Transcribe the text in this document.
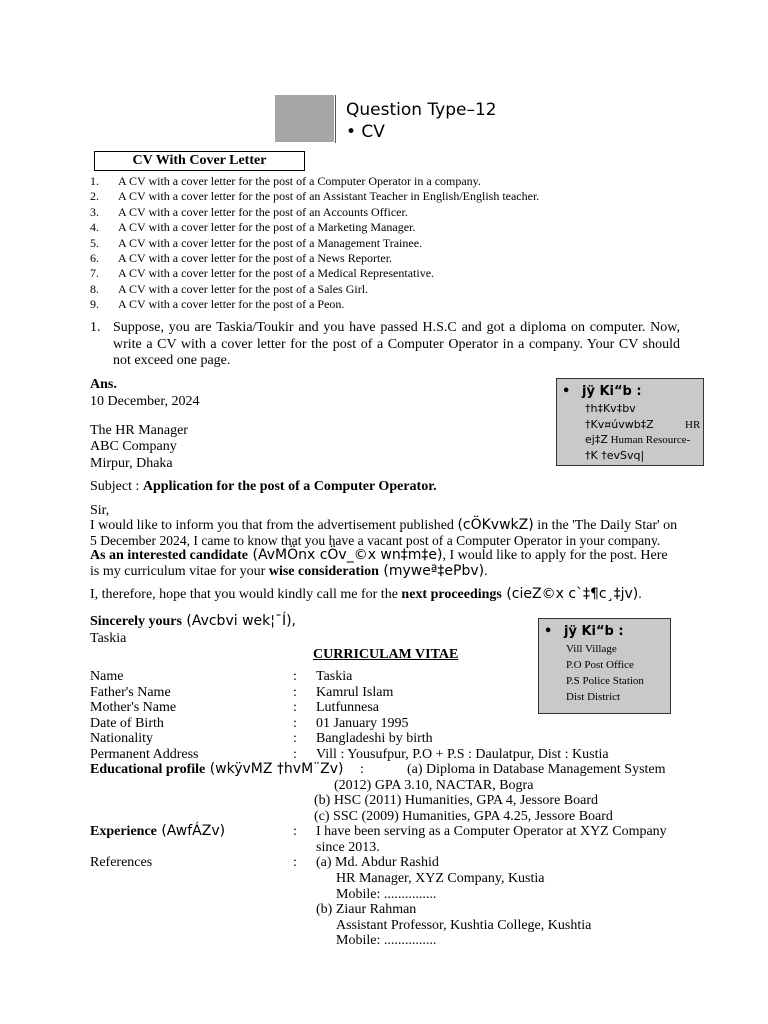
Question Type–12
• CV
CV With Cover Letter
1. A CV with a cover letter for the post of a Computer Operator in a company.
2. A CV with a cover letter for the post of an Assistant Teacher in English/English teacher.
3. A CV with a cover letter for the post of an Accounts Officer.
4. A CV with a cover letter for the post of a Marketing Manager.
5. A CV with a cover letter for the post of a Management Trainee.
6. A CV with a cover letter for the post of a News Reporter.
7. A CV with a cover letter for the post of a Medical Representative.
8. A CV with a cover letter for the post of a Sales Girl.
9. A CV with a cover letter for the post of a Peon.
1. Suppose, you are Taskia/Toukir and you have passed H.S.C and got a diploma on computer. Now, write a CV with a cover letter for the post of a Computer Operator in a company. Your CV should not exceed one page.
Ans.
10 December, 2024
The HR Manager
ABC Company
Mirpur, Dhaka
Subject : Application for the post of a Computer Operator.
Sir,
I would like to inform you that from the advertisement published (cÖKvwkZ) in the 'The Daily Star' on
5 December 2024, I came to know that you have a vacant post of a Computer Operator in your company.
As an interested candidate (AvMÖnx cÖv_©x wn‡m‡e), I would like to apply for the post. Here
is my curriculum vitae for your wise consideration (myweª‡ePbv).
I, therefore, hope that you would kindly call me for the next proceedings (cieZ©x c`‡¶c¸‡jv).
Sincerely yours (Avcbvi wek¦¯Í),
Taskia
• jÿ Ki“b :
†h‡Kv‡bv
†Kv¤úvwb‡Z	HR
ej‡Z Human Resource-
†K †evSvq|
• jÿ Ki“b :
Vill Village
P.O Post Office
P.S Police Station
Dist District
CURRICULAM VITAE
Name	: Taskia
Father's Name	: Kamrul Islam
Mother's Name	: Lutfunnesa
Date of Birth	: 01 January 1995
Nationality	: Bangladeshi by birth
Permanent Address	: Vill : Yousufpur, P.O + P.S : Daulatpur, Dist : Kustia
Educational profile (wkÿvMZ †hvM¨Zv) :	(a) Diploma in Database Management System
(2012) GPA 3.10, NACTAR, Bogra
(b) HSC (2011) Humanities, GPA 4, Jessore Board
(c) SSC (2009) Humanities, GPA 4.25, Jessore Board
Experience (AwfÁZv)	: I have been serving as a Computer Operator at XYZ Company
since 2013.
References	: (a) Md. Abdur Rashid
HR Manager, XYZ Company, Kustia
Mobile: ...............
(b) Ziaur Rahman
Assistant Professor, Kushtia College, Kushtia
Mobile: ...............
